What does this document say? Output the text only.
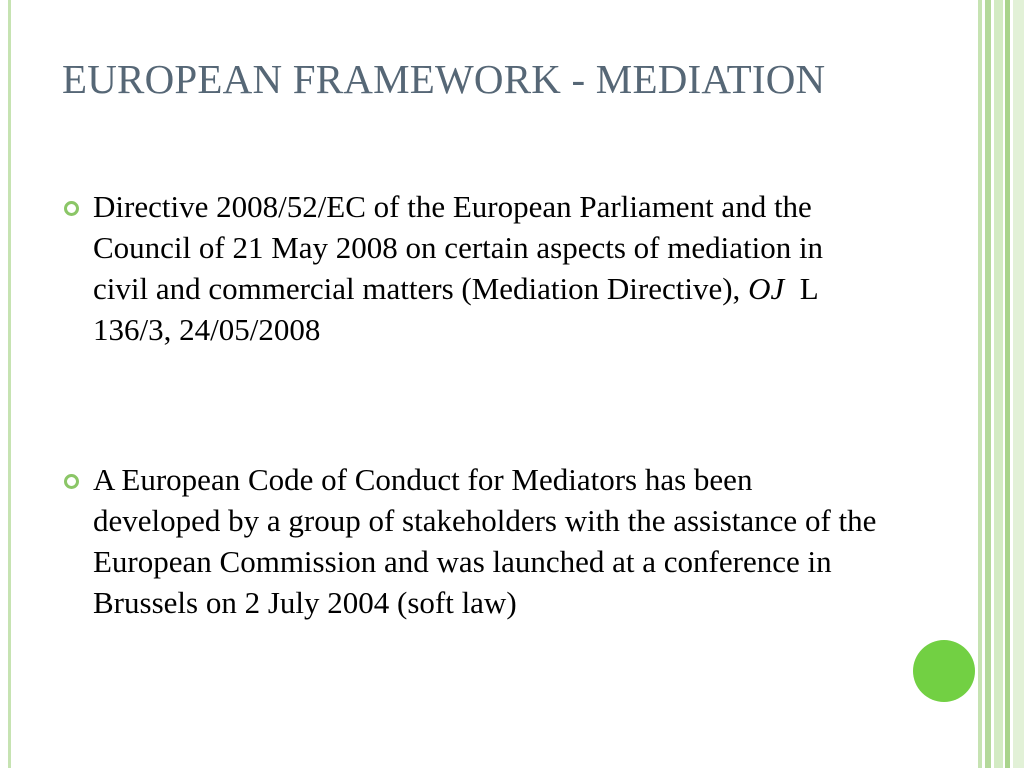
EUROPEAN FRAMEWORK - MEDIATION
Directive 2008/52/EC of the European Parliament and the Council of 21 May 2008 on certain aspects of mediation in civil and commercial matters (Mediation Directive), OJ  L 136/3, 24/05/2008
A European Code of Conduct for Mediators has been developed by a group of stakeholders with the assistance of the European Commission and was launched at a conference in Brussels on 2 July 2004 (soft law)
